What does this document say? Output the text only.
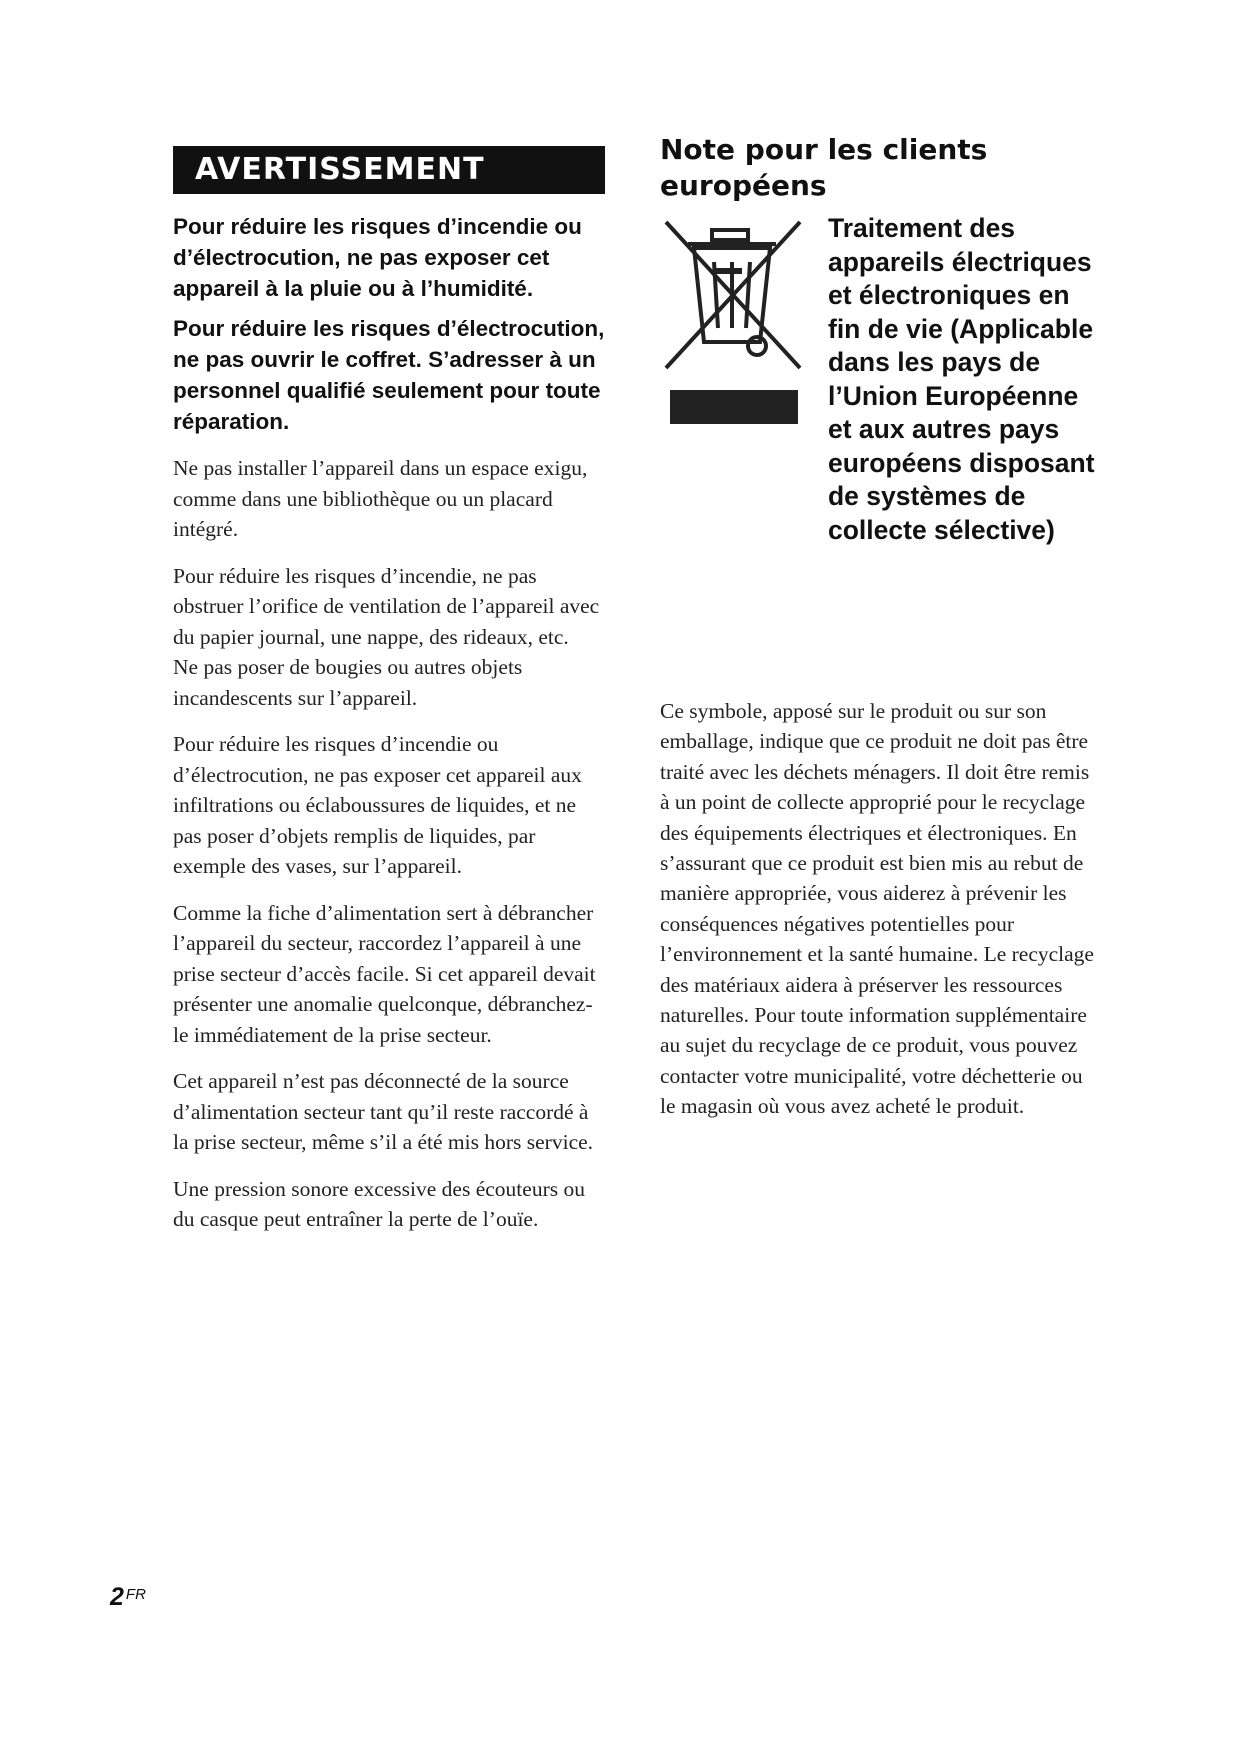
AVERTISSEMENT

Pour réduire les risques d’incendie ou d’électrocution, ne pas exposer cet appareil à la pluie ou à l’humidité.

Pour réduire les risques d’électrocution, ne pas ouvrir le coffret. S’adresser à un personnel qualifié seulement pour toute réparation.

Ne pas installer l’appareil dans un espace exigu, comme dans une bibliothèque ou un placard intégré.

Pour réduire les risques d’incendie, ne pas obstruer l’orifice de ventilation de l’appareil avec du papier journal, une nappe, des rideaux, etc.
Ne pas poser de bougies ou autres objets incandescents sur l’appareil.

Pour réduire les risques d’incendie ou d’électrocution, ne pas exposer cet appareil aux infiltrations ou éclaboussures de liquides, et ne pas poser d’objets remplis de liquides, par exemple des vases, sur l’appareil.

Comme la fiche d’alimentation sert à débrancher l’appareil du secteur, raccordez l’appareil à une prise secteur d’accès facile. Si cet appareil devait présenter une anomalie quelconque, débranchez-le immédiatement de la prise secteur.

Cet appareil n’est pas déconnecté de la source d’alimentation secteur tant qu’il reste raccordé à la prise secteur, même s’il a été mis hors service.

Une pression sonore excessive des écouteurs ou du casque peut entraîner la perte de l’ouïe.

Note pour les clients européens
Traitement des appareils électriques et électroniques en fin de vie (Applicable dans les pays de l’Union Européenne et aux autres pays européens disposant de systèmes de collecte sélective)

Ce symbole, apposé sur le produit ou sur son emballage, indique que ce produit ne doit pas être traité avec les déchets ménagers. Il doit être remis à un point de collecte approprié pour le recyclage des équipements électriques et électroniques. En s’assurant que ce produit est bien mis au rebut de manière appropriée, vous aiderez à prévenir les conséquences négatives potentielles pour l’environnement et la santé humaine. Le recyclage des matériaux aidera à préserver les ressources naturelles. Pour toute information supplémentaire au sujet du recyclage de ce produit, vous pouvez contacter votre municipalité, votre déchetterie ou le magasin où vous avez acheté le produit.

2 FR
